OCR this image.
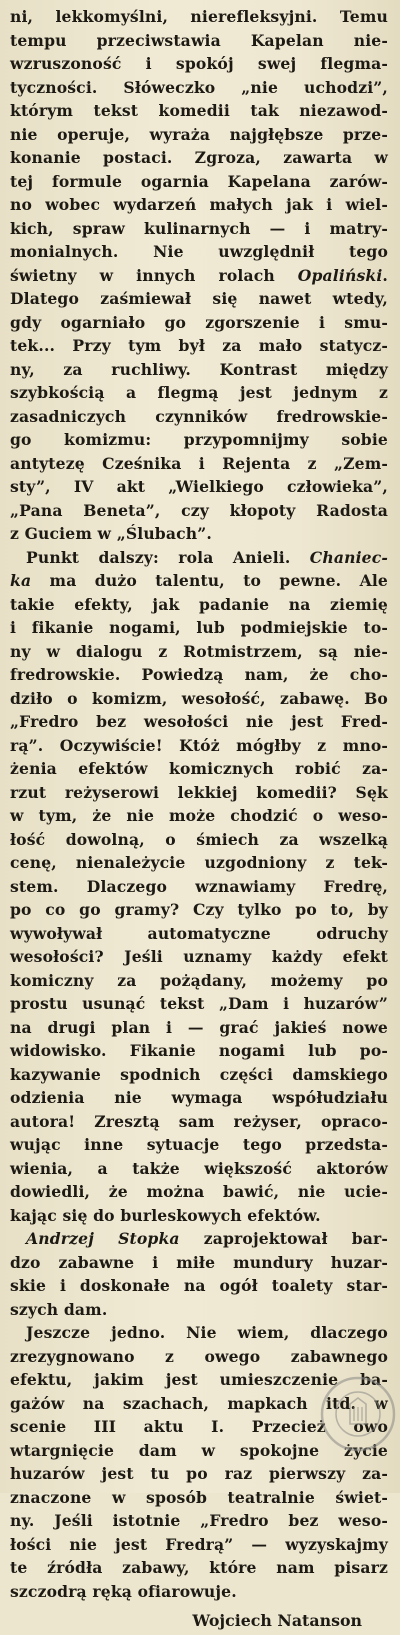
ni, lekkomyślni, nierefleksyjni. Temu
tempu przeciwstawia Kapelan nie-
wzruszoność i spokój swej flegma-
tyczności. Słóweczko „nie uchodzi”,
którym tekst komedii tak niezawod-
nie operuje, wyraża najgłębsze prze-
konanie postaci. Zgroza, zawarta w
tej formule ogarnia Kapelana zarów-
no wobec wydarzeń małych jak i wiel-
kich, spraw kulinarnych — i matry-
monialnych. Nie uwzględnił tego
świetny w innych rolach Opaliński.
Dlatego zaśmiewał się nawet wtedy,
gdy ogarniało go zgorszenie i smu-
tek... Przy tym był za mało statycz-
ny, za ruchliwy. Kontrast między
szybkością a flegmą jest jednym z
zasadniczych czynników fredrowskie-
go komizmu: przypomnijmy sobie
antytezę Cześnika i Rejenta z „Zem-
sty”, IV akt „Wielkiego człowieka”,
„Pana Beneta”, czy kłopoty Radosta
z Guciem w „Ślubach”.
Punkt dalszy: rola Anieli. Chaniec-
ka ma dużo talentu, to pewne. Ale
takie efekty, jak padanie na ziemię
i fikanie nogami, lub podmiejskie to-
ny w dialogu z Rotmistrzem, są nie-
fredrowskie. Powiedzą nam, że cho-
dziło o komizm, wesołość, zabawę. Bo
„Fredro bez wesołości nie jest Fred-
rą”. Oczywiście! Któż mógłby z mno-
żenia efektów komicznych robić za-
rzut reżyserowi lekkiej komedii? Sęk
w tym, że nie może chodzić o weso-
łość dowolną, o śmiech za wszelką
cenę, nienależycie uzgodniony z tek-
stem. Dlaczego wznawiamy Fredrę,
po co go gramy? Czy tylko po to, by
wywoływał automatyczne odruchy
wesołości? Jeśli uznamy każdy efekt
komiczny za pożądany, możemy po
prostu usunąć tekst „Dam i huzarów”
na drugi plan i — grać jakieś nowe
widowisko. Fikanie nogami lub po-
kazywanie spodnich części damskiego
odzienia nie wymaga współudziału
autora! Zresztą sam reżyser, opraco-
wując inne sytuacje tego przedsta-
wienia, a także większość aktorów
dowiedli, że można bawić, nie ucie-
kając się do burleskowych efektów.
Andrzej Stopka zaprojektował bar-
dzo zabawne i miłe mundury huzar-
skie i doskonałe na ogół toalety star-
szych dam.
Jeszcze jedno. Nie wiem, dlaczego
zrezygnowano z owego zabawnego
efektu, jakim jest umieszczenie ba-
gażów na szachach, mapkach itd. w
scenie III aktu I. Przecież owo
wtargnięcie dam w spokojne życie
huzarów jest tu po raz pierwszy za-
znaczone w sposób teatralnie świet-
ny. Jeśli istotnie „Fredro bez weso-
łości nie jest Fredrą” — wyzyskajmy
te źródła zabawy, które nam pisarz
szczodrą ręką ofiarowuje.
Wojciech Natanson
